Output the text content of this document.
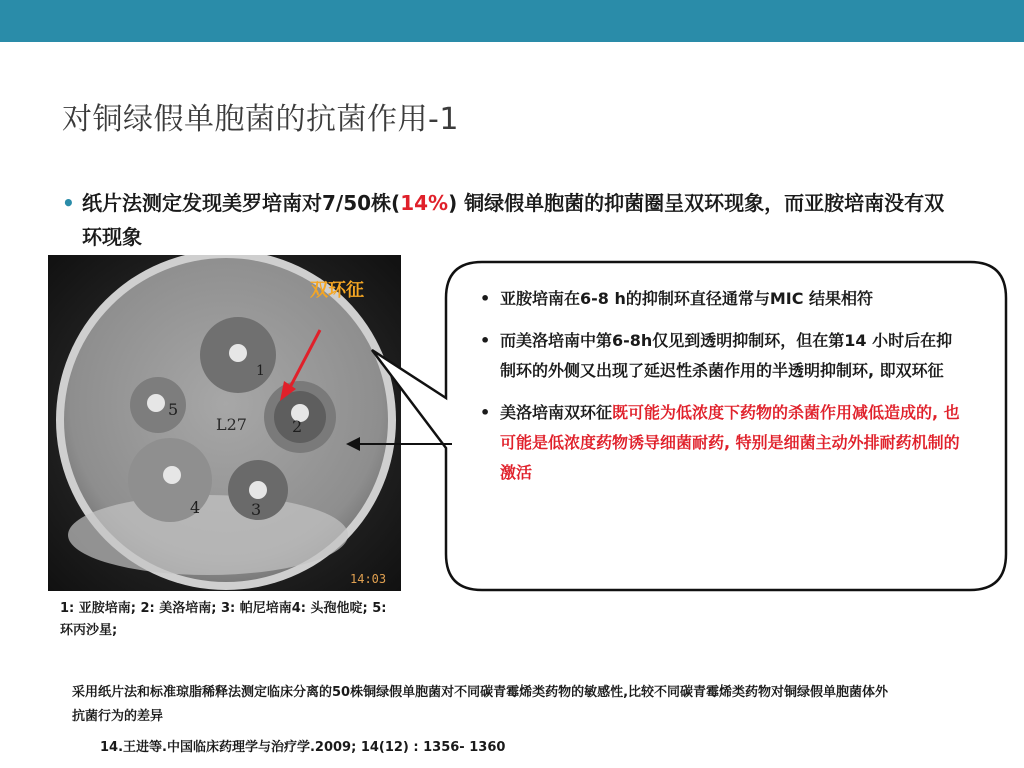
对铜绿假单胞菌的抗菌作用-1
• 纸片法测定发现美罗培南对7/50株(14%) 铜绿假单胞菌的抑菌圈呈双环现象，而亚胺培南没有双环现象
1
2
3
4
5
L27
14:03
双环征	• 亚胺培南在6-8 h的抑制环直径通常与MIC 结果相符
• 而美洛培南中第6-8h仅见到透明抑制环，但在第14 小时后在抑制环的外侧又出现了延迟性杀菌作用的半透明抑制环, 即双环征
• 美洛培南双环征既可能为低浓度下药物的杀菌作用减低造成的, 也可能是低浓度药物诱导细菌耐药, 特别是细菌主动外排耐药机制的激活
1: 亚胺培南; 2: 美洛培南; 3: 帕尼培南4: 头孢他啶; 5: 环丙沙星;
采用纸片法和标准琼脂稀释法测定临床分离的50株铜绿假单胞菌对不同碳青霉烯类药物的敏感性,比较不同碳青霉烯类药物对铜绿假单胞菌体外抗菌行为的差异
14.王进等.中国临床药理学与治疗学.2009; 14(12) : 1356- 1360
